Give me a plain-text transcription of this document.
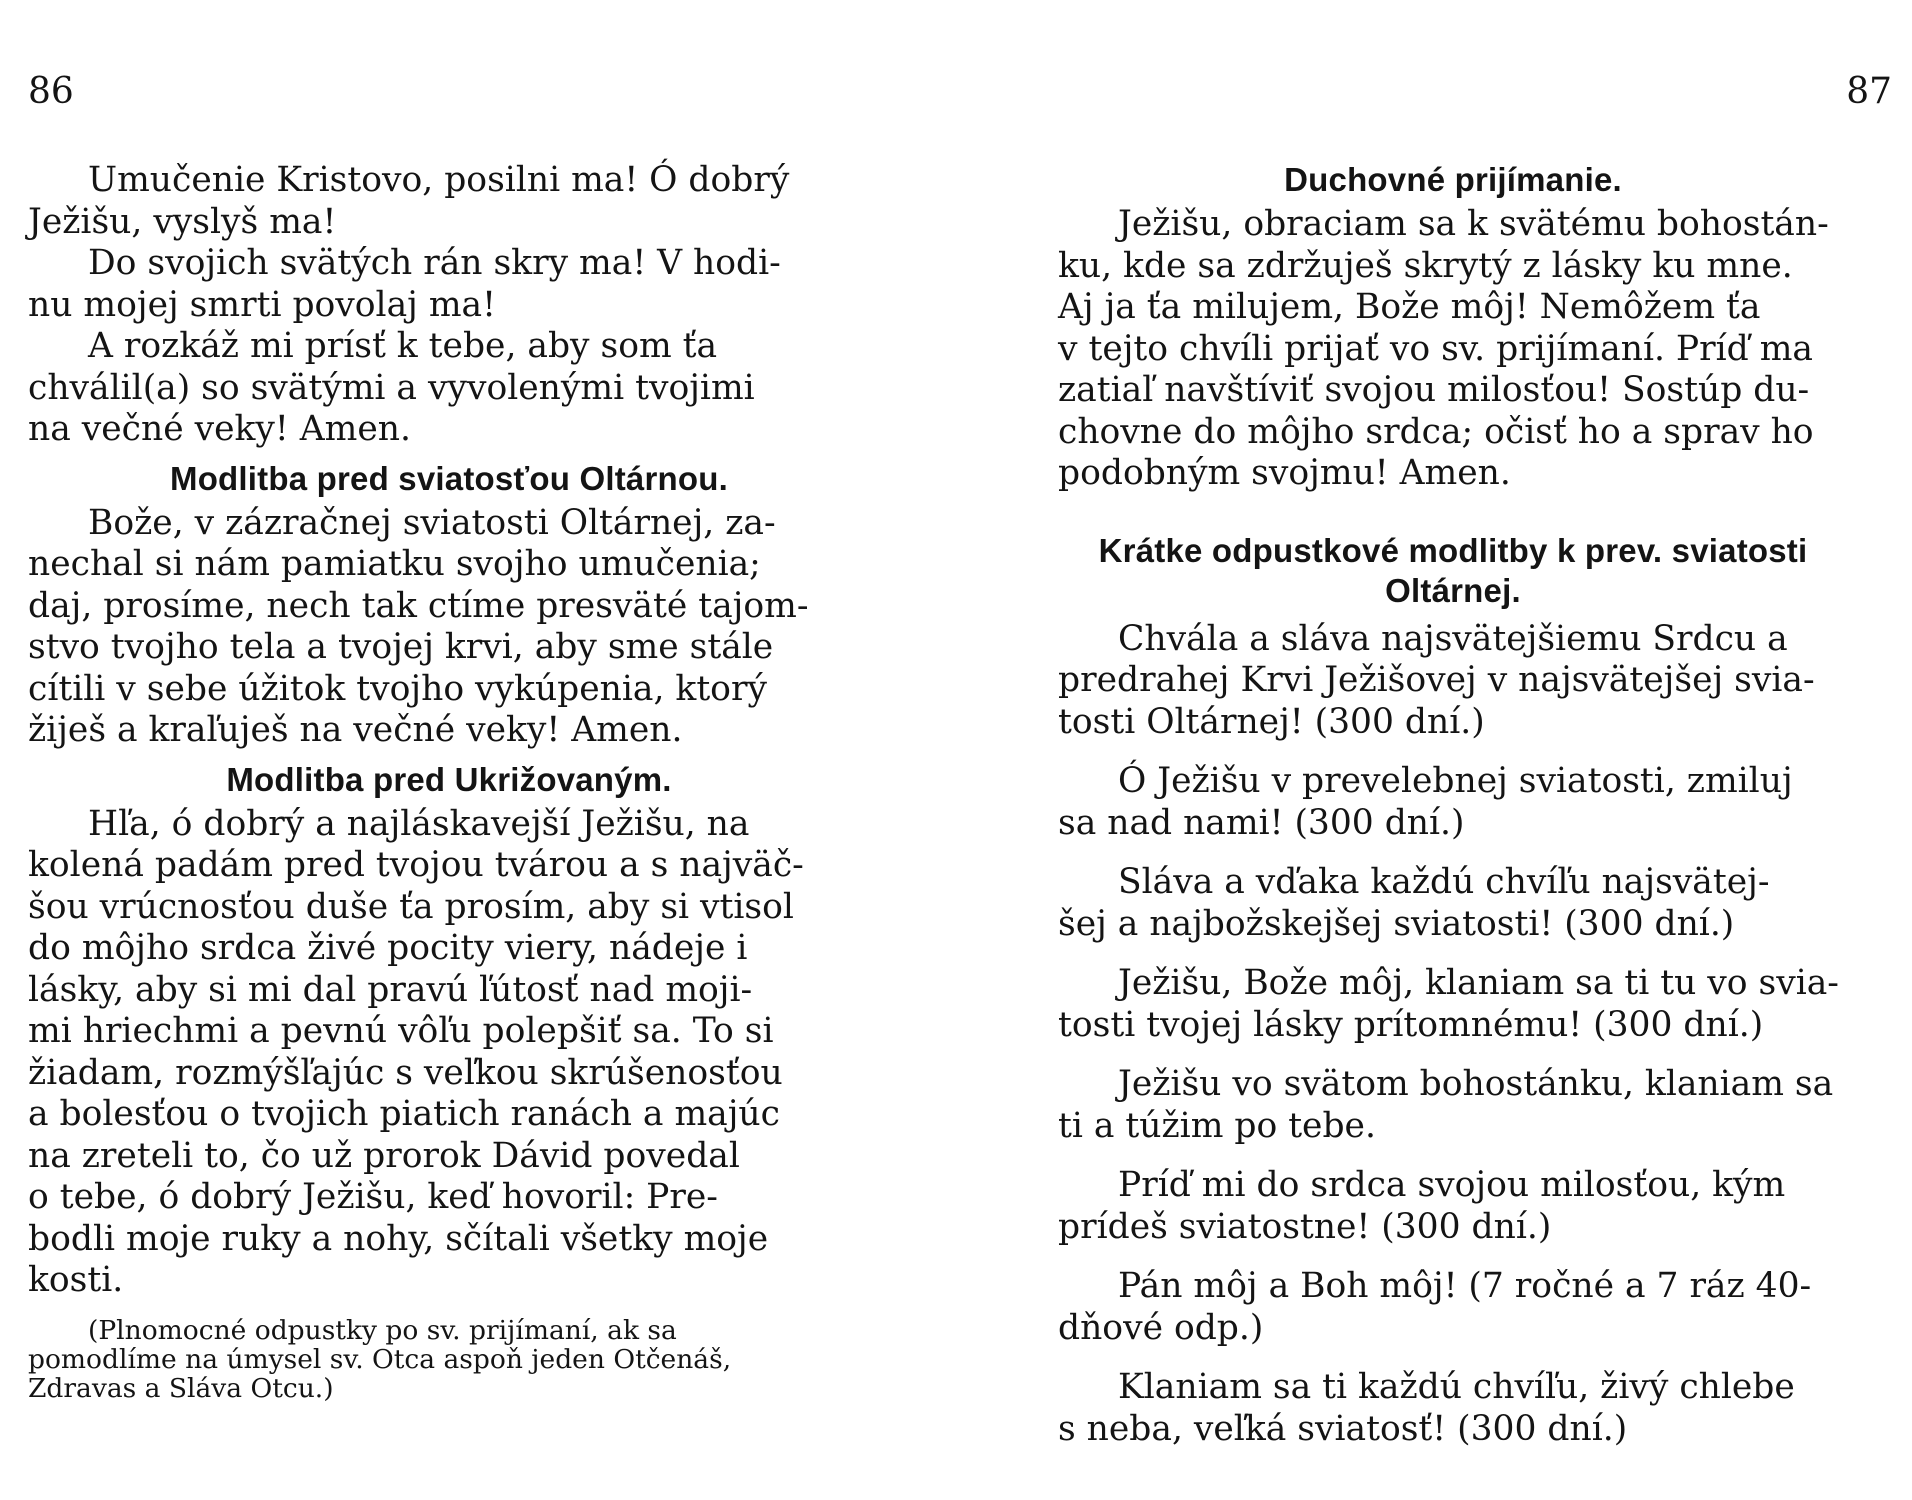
86

Umučenie Kristovo, posilni ma! Ó dobrý
Ježišu, vyslyš ma!
Do svojich svätých rán skry ma! V hodi-
nu mojej smrti povolaj ma!
A rozkáž mi prísť k tebe, aby som ťa
chválil(a) so svätými a vyvolenými tvojimi
na večné veky! Amen.

Modlitba pred sviatosťou Oltárnou.

Bože, v zázračnej sviatosti Oltárnej, za-
nechal si nám pamiatku svojho umučenia;
daj, prosíme, nech tak ctíme presväté tajom-
stvo tvojho tela a tvojej krvi, aby sme stále
cítili v sebe úžitok tvojho vykúpenia, ktorý
žiješ a kraľuješ na večné veky! Amen.

Modlitba pred Ukrižovaným.

Hľa, ó dobrý a najláskavejší Ježišu, na
kolená padám pred tvojou tvárou a s najväč-
šou vrúcnosťou duše ťa prosím, aby si vtisol
do môjho srdca živé pocity viery, nádeje i
lásky, aby si mi dal pravú ľútosť nad moji-
mi hriechmi a pevnú vôľu polepšiť sa. To si
žiadam, rozmýšľajúc s veľkou skrúšenosťou
a bolesťou o tvojich piatich ranách a majúc
na zreteli to, čo už prorok Dávid povedal
o tebe, ó dobrý Ježišu, keď hovoril: Pre-
bodli moje ruky a nohy, sčítali všetky moje
kosti.

(Plnomocné odpustky po sv. prijímaní, ak sa
pomodlíme na úmysel sv. Otca aspoň jeden Otčenáš,
Zdravas a Sláva Otcu.)
87
Duchovné prijímanie.

Ježišu, obraciam sa k svätému bohostán-
ku, kde sa zdržuješ skrytý z lásky ku mne.
Aj ja ťa milujem, Bože môj! Nemôžem ťa
v tejto chvíli prijať vo sv. prijímaní. Príď ma
zatiaľ navštíviť svojou milosťou! Sostúp du-
chovne do môjho srdca; očisť ho a sprav ho
podobným svojmu! Amen.

Krátke odpustkové modlitby k prev. sviatosti
Oltárnej.

Chvála a sláva najsvätejšiemu Srdcu a
predrahej Krvi Ježišovej v najsvätejšej svia-
tosti Oltárnej! (300 dní.)

Ó Ježišu v prevelebnej sviatosti, zmiluj
sa nad nami! (300 dní.)

Sláva a vďaka každú chvíľu najsvätej-
šej a najbožskejšej sviatosti! (300 dní.)

Ježišu, Bože môj, klaniam sa ti tu vo svia-
tosti tvojej lásky prítomnému! (300 dní.)

Ježišu vo svätom bohostánku, klaniam sa
ti a túžim po tebe.

Príď mi do srdca svojou milosťou, kým
prídeš sviatostne! (300 dní.)

Pán môj a Boh môj! (7 ročné a 7 ráz 40-
dňové odp.)

Klaniam sa ti každú chvíľu, živý chlebe
s neba, veľká sviatosť! (300 dní.)
